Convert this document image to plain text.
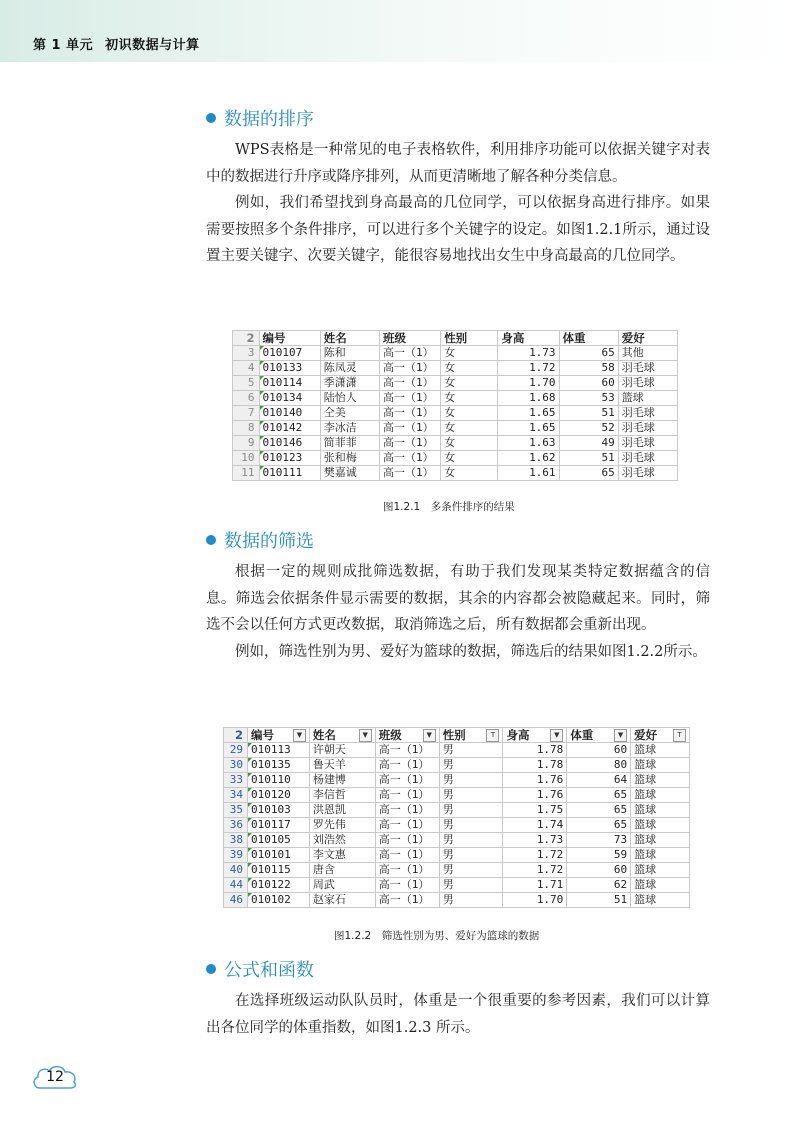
第 1 单元 初识数据与计算
数据的排序

WPS表格是一种常见的电子表格软件，利用排序功能可以依据关键字对表中的数据进行升序或降序排列，从而更清晰地了解各种分类信息。

例如，我们希望找到身高最高的几位同学，可以依据身高进行排序。如果需要按照多个条件排序，可以进行多个关键字的设定。如图1.2.1所示，通过设置主要关键字、次要关键字，能很容易地找出女生中身高最高的几位同学。

2	编号	姓名	班级	性别	身高	体重	爱好
3	010107	陈和	高一（1）	女	1.73	65	其他
4	010133	陈凤灵	高一（1）	女	1.72	58	羽毛球
5	010114	季潇潇	高一（1）	女	1.70	60	羽毛球
6	010134	陆怡人	高一（1）	女	1.68	53	篮球
7	010140	仝美	高一（1）	女	1.65	51	羽毛球
8	010142	李冰洁	高一（1）	女	1.65	52	羽毛球
9	010146	简菲菲	高一（1）	女	1.63	49	羽毛球
10	010123	张和梅	高一（1）	女	1.62	51	羽毛球
11	010111	樊嘉诚	高一（1）	女	1.61	65	羽毛球
图1.2.1　多条件排序的结果
数据的筛选

根据一定的规则成批筛选数据，有助于我们发现某类特定数据蕴含的信息。筛选会依据条件显示需要的数据，其余的内容都会被隐藏起来。同时，筛选不会以任何方式更改数据，取消筛选之后，所有数据都会重新出现。

例如，筛选性别为男、爱好为篮球的数据，筛选后的结果如图1.2.2所示。

2	编号 ▼	姓名 ▼	班级 ▼	性别 T	身高 ▼	体重 ▼	爱好 T

29	010113	许朝天	高一（1）	男	1.78	60	篮球
30	010135	鲁天羊	高一（1）	男	1.78	80	篮球
33	010110	杨建博	高一（1）	男	1.76	64	篮球
34	010120	李信哲	高一（1）	男	1.76	65	篮球
35	010103	洪恩凯	高一（1）	男	1.75	65	篮球
36	010117	罗先伟	高一（1）	男	1.74	65	篮球
38	010105	刘浩然	高一（1）	男	1.73	73	篮球
39	010101	李文惠	高一（1）	男	1.72	59	篮球
40	010115	唐含	高一（1）	男	1.72	60	篮球
44	010122	周武	高一（1）	男	1.71	62	篮球
46	010102	赵家石	高一（1）	男	1.70	51	篮球
图1.2.2　筛选性别为男、爱好为篮球的数据
公式和函数

在选择班级运动队队员时，体重是一个很重要的参考因素，我们可以计算出各位同学的体重指数，如图1.2.3 所示。

12
